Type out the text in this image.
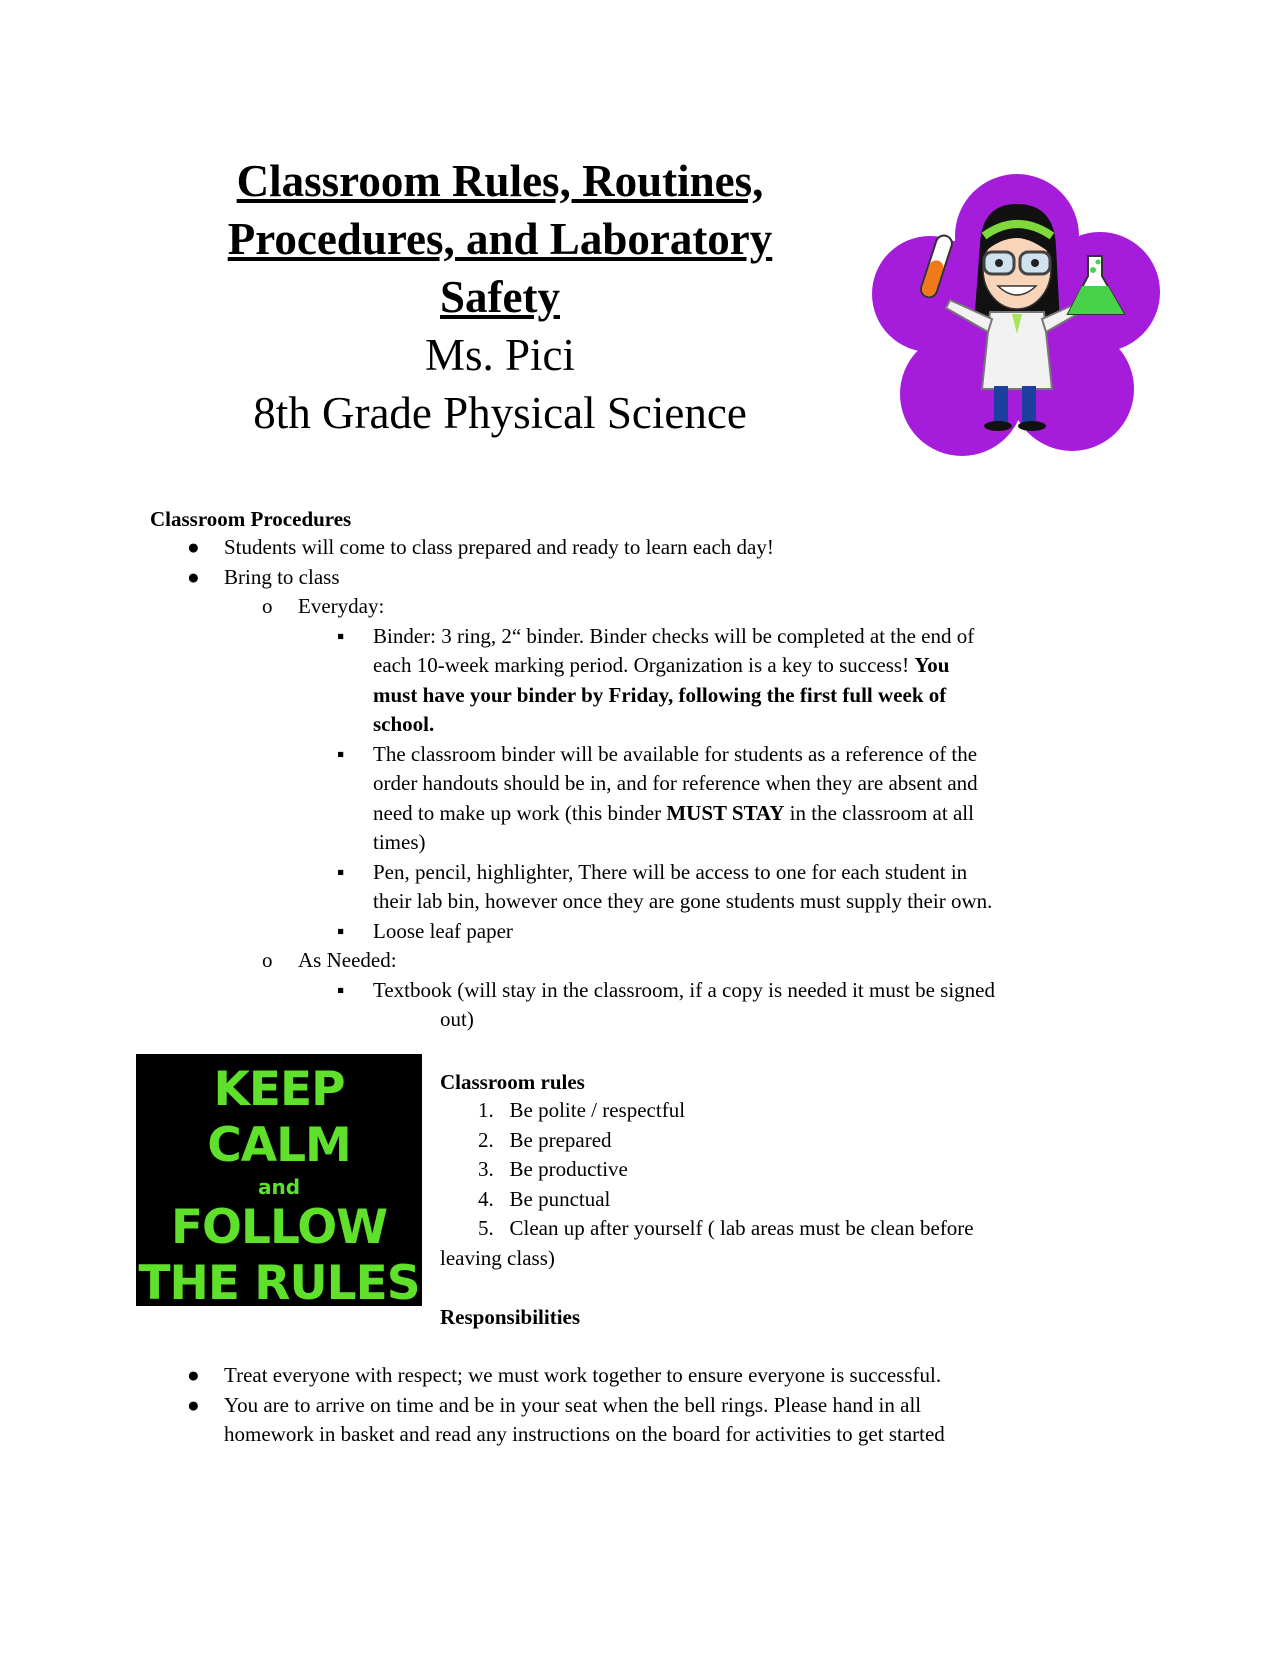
Classroom Rules, Routines,
Procedures, and Laboratory
Safety
Ms. Pici
8th Grade Physical Science
Classroom Procedures
● Students will come to class prepared and ready to learn each day!
● Bring to class
o Everyday:
▪ Binder: 3 ring, 2“ binder. Binder checks will be completed at the end of
each 10-week marking period. Organization is a key to success! You
must have your binder by Friday, following the first full week of
school.
▪ The classroom binder will be available for students as a reference of the
order handouts should be in, and for reference when they are absent and
need to make up work (this binder MUST STAY in the classroom at all
times)
▪ Pen, pencil, highlighter, There will be access to one for each student in
their lab bin, however once they are gone students must supply their own.
▪ Loose leaf paper
o As Needed:
▪ Textbook (will stay in the classroom, if a copy is needed it must be signed
out)
KEEP
CALM
and
FOLLOW
THE RULES
Classroom rules
1. Be polite / respectful
2. Be prepared
3. Be productive
4. Be punctual
5. Clean up after yourself ( lab areas must be clean before
leaving class)
Responsibilities
● Treat everyone with respect; we must work together to ensure everyone is successful.
● You are to arrive on time and be in your seat when the bell rings. Please hand in all
homework in basket and read any instructions on the board for activities to get started
